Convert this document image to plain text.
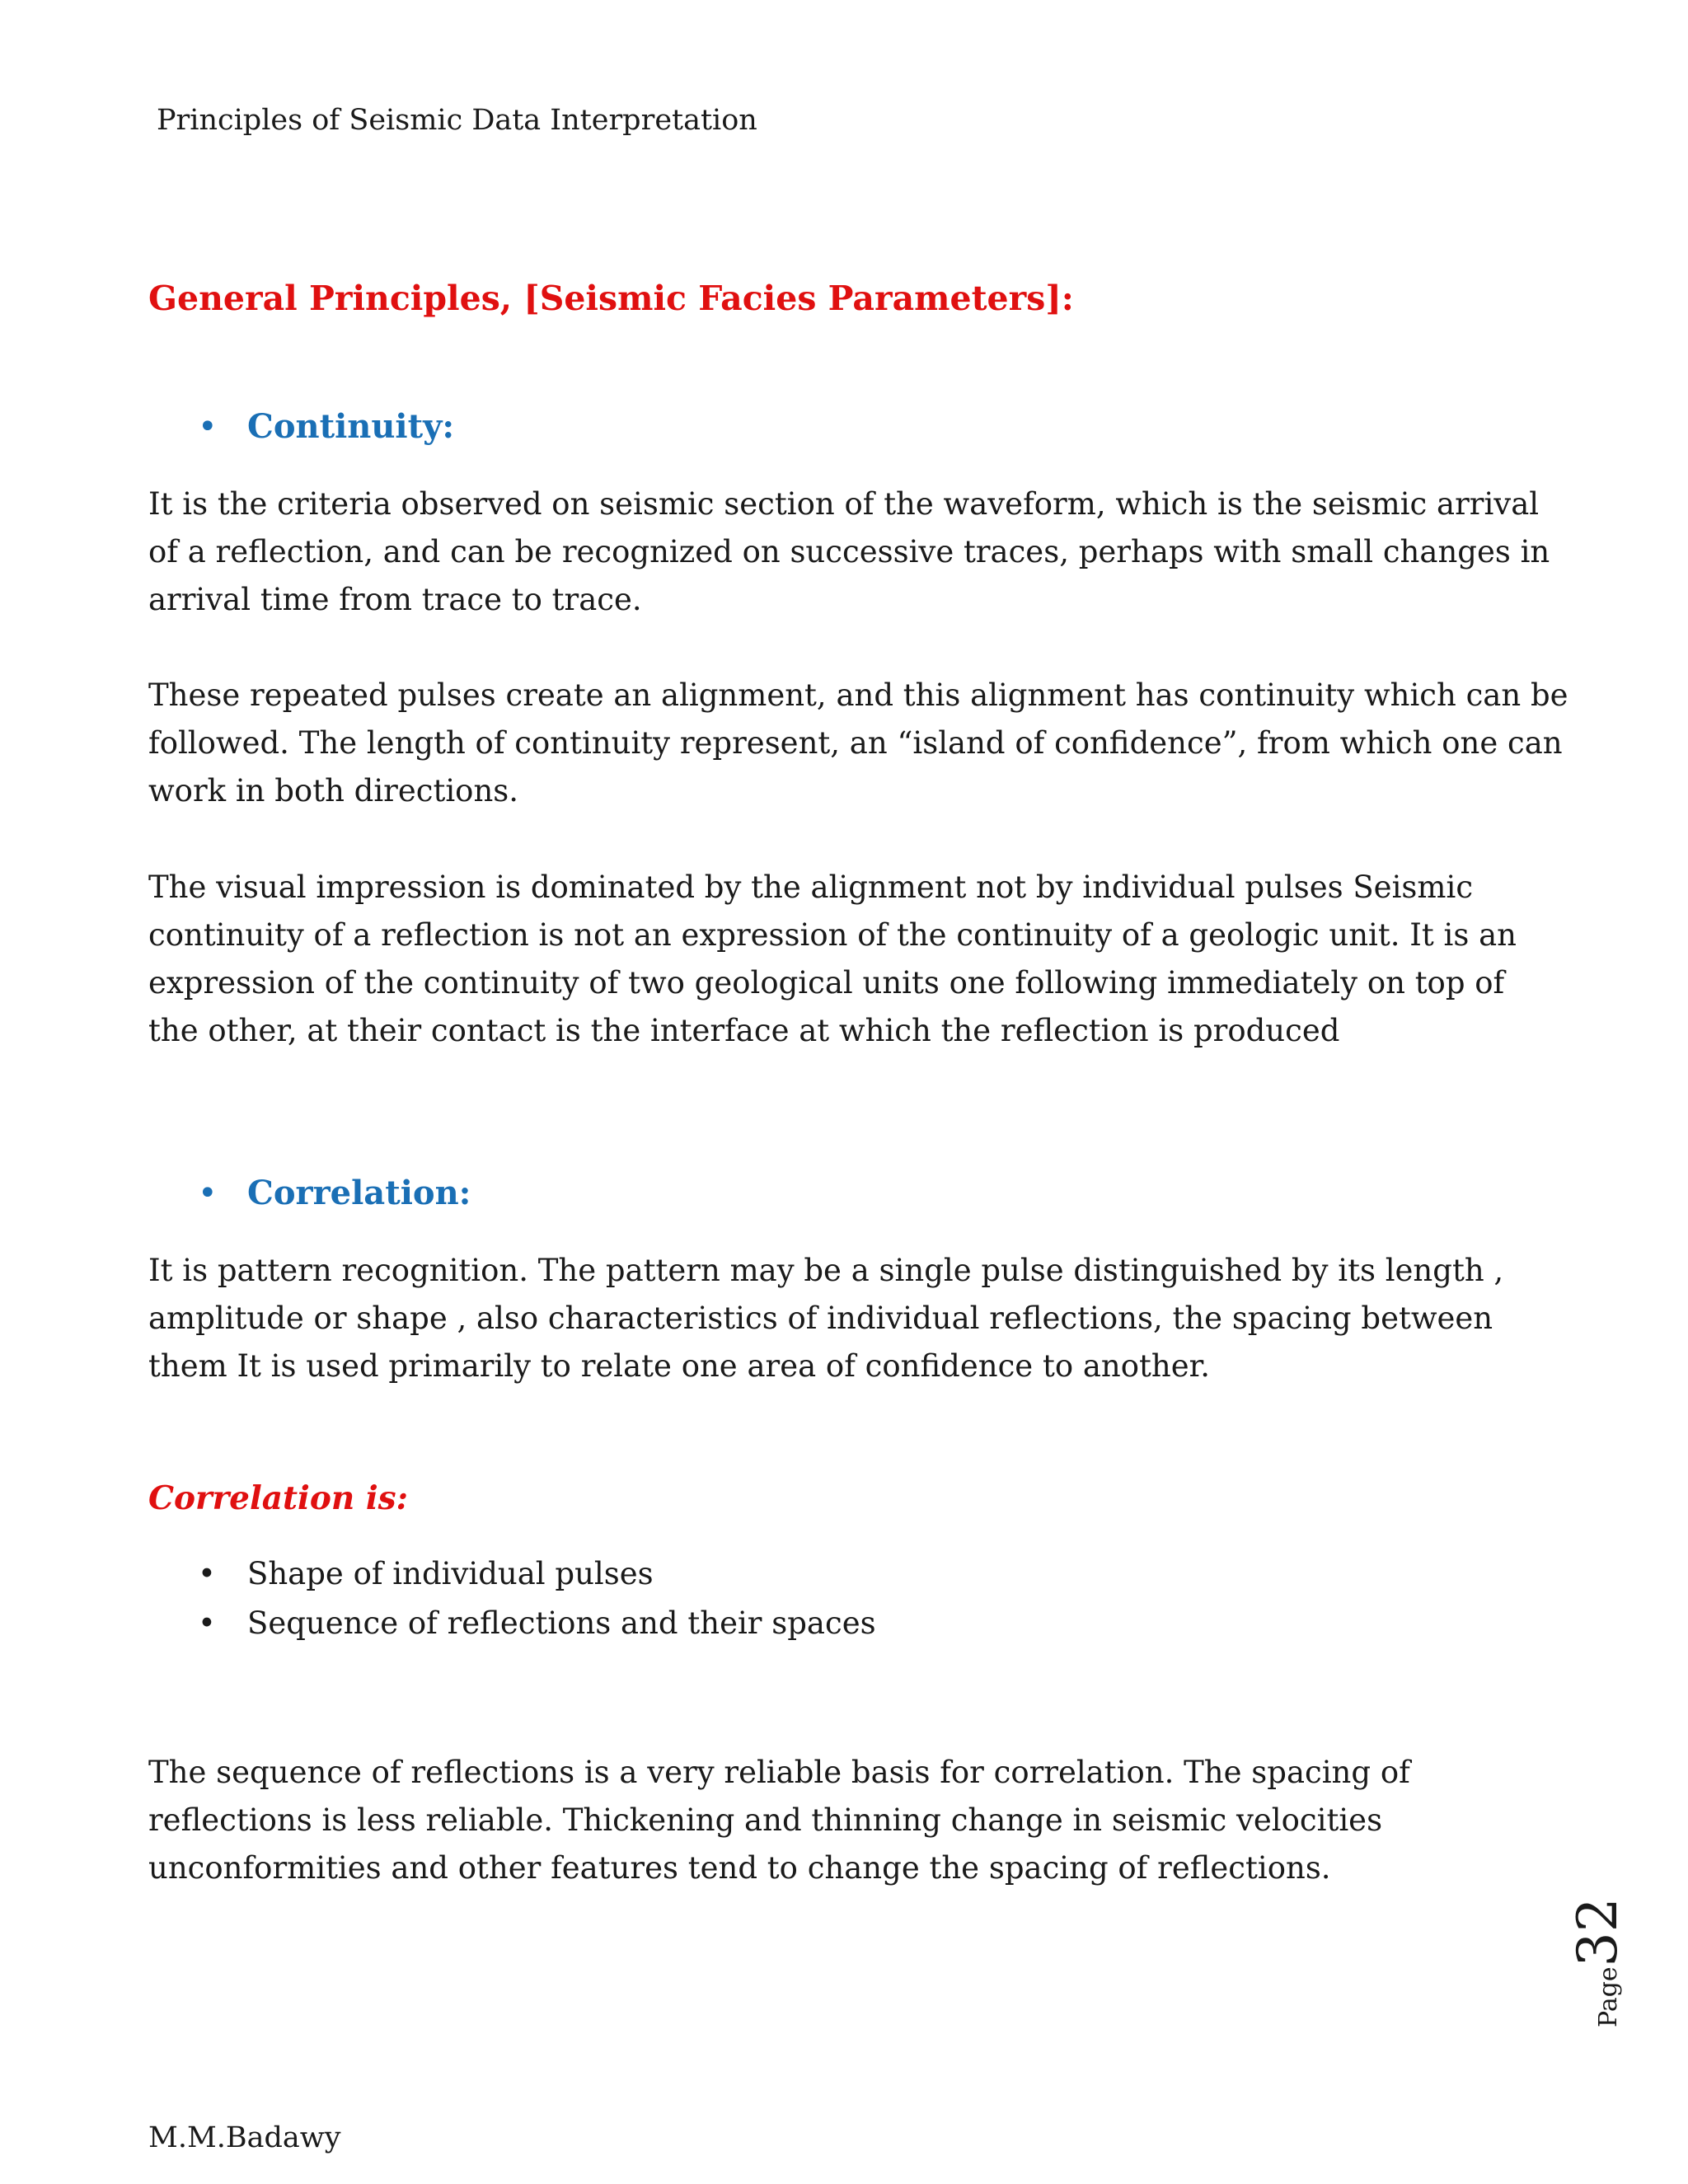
Principles of Seismic Data Interpretation
General Principles, [Seismic Facies Parameters]:
• Continuity:

It is the criteria observed on seismic section of the waveform, which is the seismic arrival
of a reflection, and can be recognized on successive traces, perhaps with small changes in
arrival time from trace to trace.

These repeated pulses create an alignment, and this alignment has continuity which can be
followed. The length of continuity represent, an “island of confidence”, from which one can
work in both directions.

The visual impression is dominated by the alignment not by individual pulses Seismic
continuity of a reflection is not an expression of the continuity of a geologic unit. It is an
expression of the continuity of two geological units one following immediately on top of
the other, at their contact is the interface at which the reflection is produced

• Correlation:

It is pattern recognition. The pattern may be a single pulse distinguished by its length ,
amplitude or shape , also characteristics of individual reflections, the spacing between
them It is used primarily to relate one area of confidence to another.

Correlation is:
• Shape of individual pulses
• Sequence of reflections and their spaces

The sequence of reflections is a very reliable basis for correlation. The spacing of
reflections is less reliable. Thickening and thinning change in seismic velocities
unconformities and other features tend to change the spacing of reflections.

Page32
M.M.Badawy
